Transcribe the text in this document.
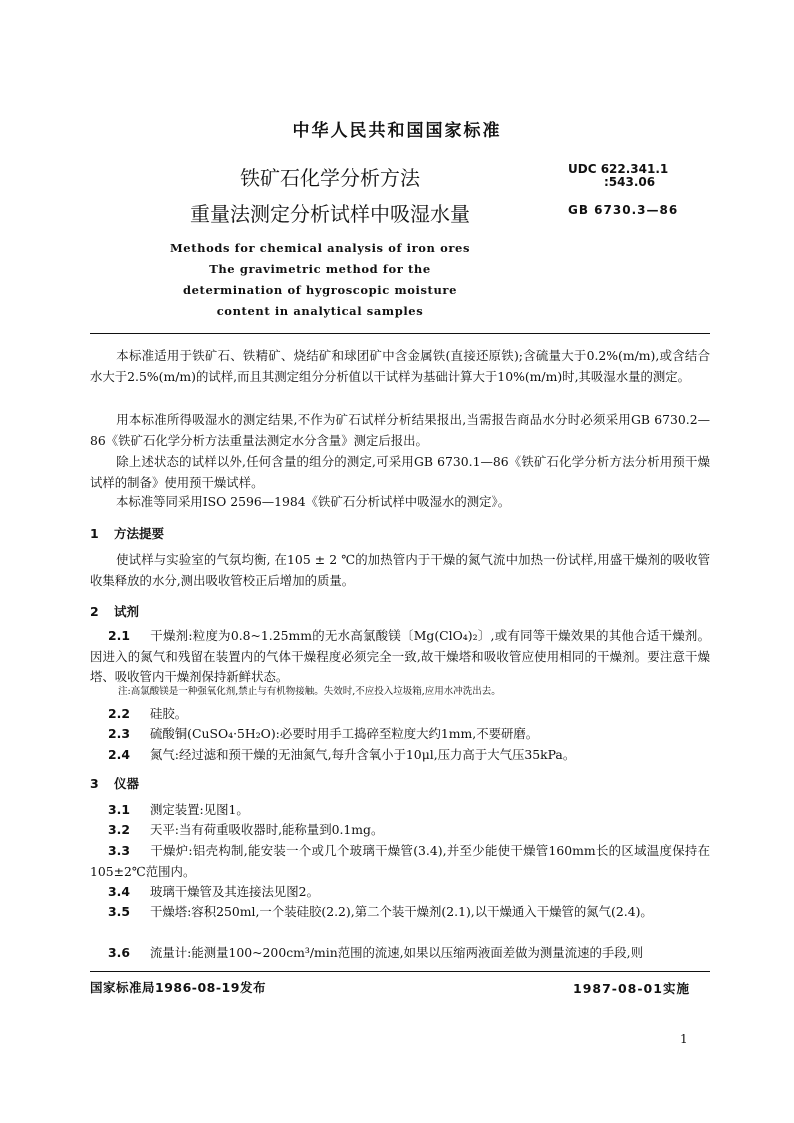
中华人民共和国国家标准
铁矿石化学分析方法
重量法测定分析试样中吸湿水量
UDC 622.341.1
:543.06
GB 6730.3—86
Methods for chemical analysis of iron ores
The gravimetric method for the
determination of hygroscopic moisture
content in analytical samples
本标准适用于铁矿石、铁精矿、烧结矿和球团矿中含金属铁(直接还原铁);含硫量大于0.2%(m/m),或含结合水大于2.5%(m/m)的试样,而且其测定组分分析值以干试样为基础计算大于10%(m/m)时,其吸湿水量的测定。
用本标准所得吸湿水的测定结果,不作为矿石试样分析结果报出,当需报告商品水分时必须采用GB 6730.2—86《铁矿石化学分析方法重量法测定水分含量》测定后报出。
除上述状态的试样以外,任何含量的组分的测定,可采用GB 6730.1—86《铁矿石化学分析方法分析用预干燥试样的制备》使用预干燥试样。
本标准等同采用ISO 2596—1984《铁矿石分析试样中吸湿水的测定》。
1 方法提要
使试样与实验室的气氛均衡, 在105 ± 2 ℃的加热管内于干燥的氮气流中加热一份试样,用盛干燥剂的吸收管收集释放的水分,测出吸收管校正后增加的质量。
2 试剂
2.1 干燥剂:粒度为0.8~1.25mm的无水高氯酸镁〔Mg(ClO₄)₂〕,或有同等干燥效果的其他合适干燥剂。因进入的氮气和残留在装置内的气体干燥程度必须完全一致,故干燥塔和吸收管应使用相同的干燥剂。要注意干燥塔、吸收管内干燥剂保持新鲜状态。
注:高氯酸镁是一种强氧化剂,禁止与有机物接触。失效时,不应投入垃圾箱,应用水冲洗出去。
2.2 硅胶。
2.3 硫酸铜(CuSO₄·5H₂O):必要时用手工捣碎至粒度大约1mm,不要研磨。
2.4 氮气:经过滤和预干燥的无油氮气,每升含氧小于10μl,压力高于大气压35kPa。
3 仪器
3.1 测定装置:见图1。
3.2 天平:当有荷重吸收器时,能称量到0.1mg。
3.3 干燥炉:铝壳构制,能安装一个或几个玻璃干燥管(3.4),并至少能使干燥管160mm长的区域温度保持在105±2℃范围内。
3.4 玻璃干燥管及其连接法见图2。
3.5 干燥塔:容积250ml,一个装硅胶(2.2),第二个装干燥剂(2.1),以干燥通入干燥管的氮气(2.4)。
3.6 流量计:能测量100~200cm³/min范围的流速,如果以压缩两液面差做为测量流速的手段,则
国家标准局1986-08-19发布	1987-08-01实施
1
